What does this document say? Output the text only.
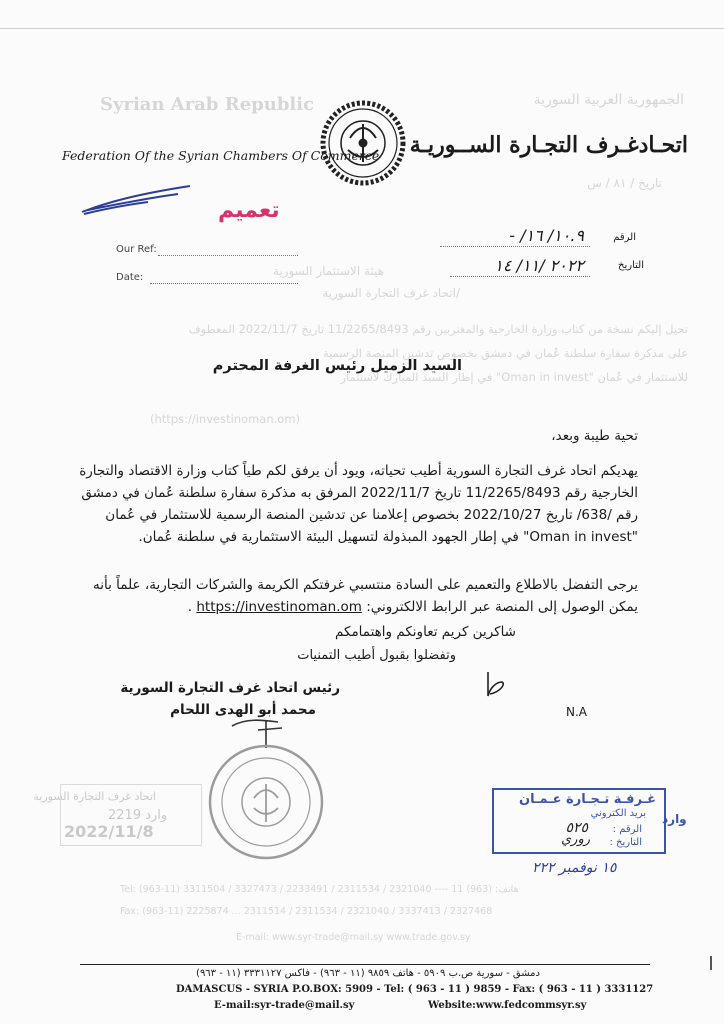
Syrian Arab Republic	الجمهورية العربية السورية
تاريخ / ٨١ / س
Federation Of the Syrian Chambers Of Commerce اتحـادغـرف التجـارة الســوريـة
تعميم
Our Ref:
Date:
الرقم
١٠.٩/ ١٦/ -
التاريخ
٢٠٢٢ /١١/ ١٤
هيئة الاستثمار السورية
/اتحاد غرف التجارة السورية
تحيل إليكم نسخة من كتاب وزارة الخارجية والمغتربين رقم 11/2265/8493 تاريخ 2022/11/7 المعطوف
على مذكرة سفارة سلطنة عُمان في دمشق بخصوص تدشين المنصة الرسمية
للاستثمار في عُمان "Oman in invest" في إطار السيد المبارك لاستثمار
(https://investinoman.om)
السيد الزميل رئيس الغرفة المحترم
تحية طيبة وبعد،
يهديكم اتحاد غرف التجارة السورية أطيب تحياته، ويود أن يرفق لكم طياً كتاب وزارة الاقتصاد والتجارة الخارجية رقم 11/2265/8493 تاريخ 2022/11/7 المرفق به مذكرة سفارة سلطنة عُمان في دمشق رقم /638/ تاريخ 2022/10/27 بخصوص إعلامنا عن تدشين المنصة الرسمية للاستثمار في عُمان "Oman in invest" في إطار الجهود المبذولة لتسهيل البيئة الاستثمارية في سلطنة عُمان.
يرجى التفضل بالاطلاع والتعميم على السادة منتسبي غرفتكم الكريمة والشركات التجارية، علماً بأنه يمكن الوصول إلى المنصة عبر الرابط الالكتروني: https://investinoman.om .
شاكرين كريم تعاونكم واهتمامكم
وتفضلوا بقبول أطيب التمنيات
رئيس اتحاد غرف التجارة السورية
محمد أبو الهدى اللحام	N.A
اتحاد غرف التجارة السورية
2219 وارد
2022/11/8
غـرفـة تـجـارة عـمـان
بريد الكتروني
الرقم :
٥٢٥
التاريخ :
روري
وارد
١٥ نوفمبر ٢٢٢
Tel: (963-11) 3311504 / 3327473 / 2233491 / 2311534 / 2321040 ---- هاتف: (963) 11
Fax: (963-11) 2225874 ... 2311514 / 2311534 / 2321040 / 3337413 / 2327468
E-mail: www.syr-trade@mail.sy www.trade.gov.sy
دمشق - سورية ص.ب ٥٩٠٩ - هاتف ٩٨٥٩ (١١ - ٩٦٣) - فاكس ٣٣٣١١٢٧ (١١ - ٩٦٣)
DAMASCUS - SYRIA P.O.BOX: 5909 - Tel: ( 963 - 11 ) 9859 - Fax: ( 963 - 11 ) 3331127
E-mail:syr-trade@mail.sy	Website:www.fedcommsyr.sy
